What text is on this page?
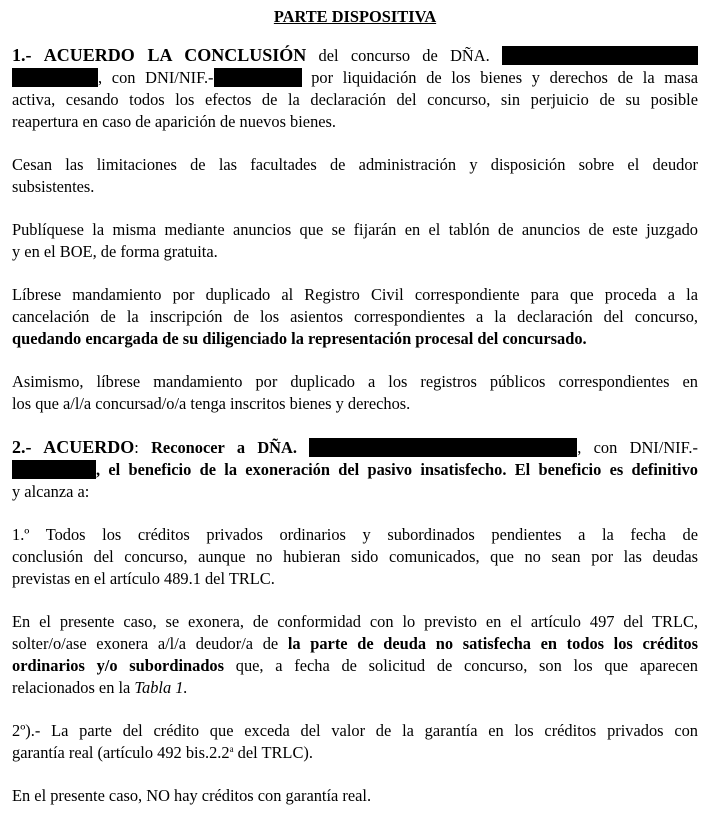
PARTE DISPOSITIVA

1.- ACUERDO LA CONCLUSIÓN del concurso de DÑA.
, con DNI/NIF.-	por liquidación de los bienes y derechos de la masa
activa, cesando todos los efectos de la declaración del concurso, sin perjuicio de su posible
reapertura en caso de aparición de nuevos bienes.

Cesan las limitaciones de las facultades de administración y disposición sobre el deudor
subsistentes.

Publíquese la misma mediante anuncios que se fijarán en el tablón de anuncios de este juzgado
y en el BOE, de forma gratuita.

Líbrese mandamiento por duplicado al Registro Civil correspondiente para que proceda a la
cancelación de la inscripción de los asientos correspondientes a la declaración del concurso,
quedando encargada de su diligenciado la representación procesal del concursado.

Asimismo, líbrese mandamiento por duplicado a los registros públicos correspondientes en
los que a/l/a concursad/o/a tenga inscritos bienes y derechos.

2.- ACUERDO: Reconocer a DÑA.	, con DNI/NIF.-
, el beneficio de la exoneración del pasivo insatisfecho. El beneficio es definitivo
y alcanza a:

1.º Todos los créditos privados ordinarios y subordinados pendientes a la fecha de
conclusión del concurso, aunque no hubieran sido comunicados, que no sean por las deudas
previstas en el artículo 489.1 del TRLC.

En el presente caso, se exonera, de conformidad con lo previsto en el artículo 497 del TRLC,
solter/o/ase exonera a/l/a deudor/a de la parte de deuda no satisfecha en todos los créditos
ordinarios y/o subordinados que, a fecha de solicitud de concurso, son los que aparecen
relacionados en la Tabla 1.

2º).- La parte del crédito que exceda del valor de la garantía en los créditos privados con
garantía real (artículo 492 bis.2.2$^a$ del TRLC).

En el presente caso, NO hay créditos con garantía real.
